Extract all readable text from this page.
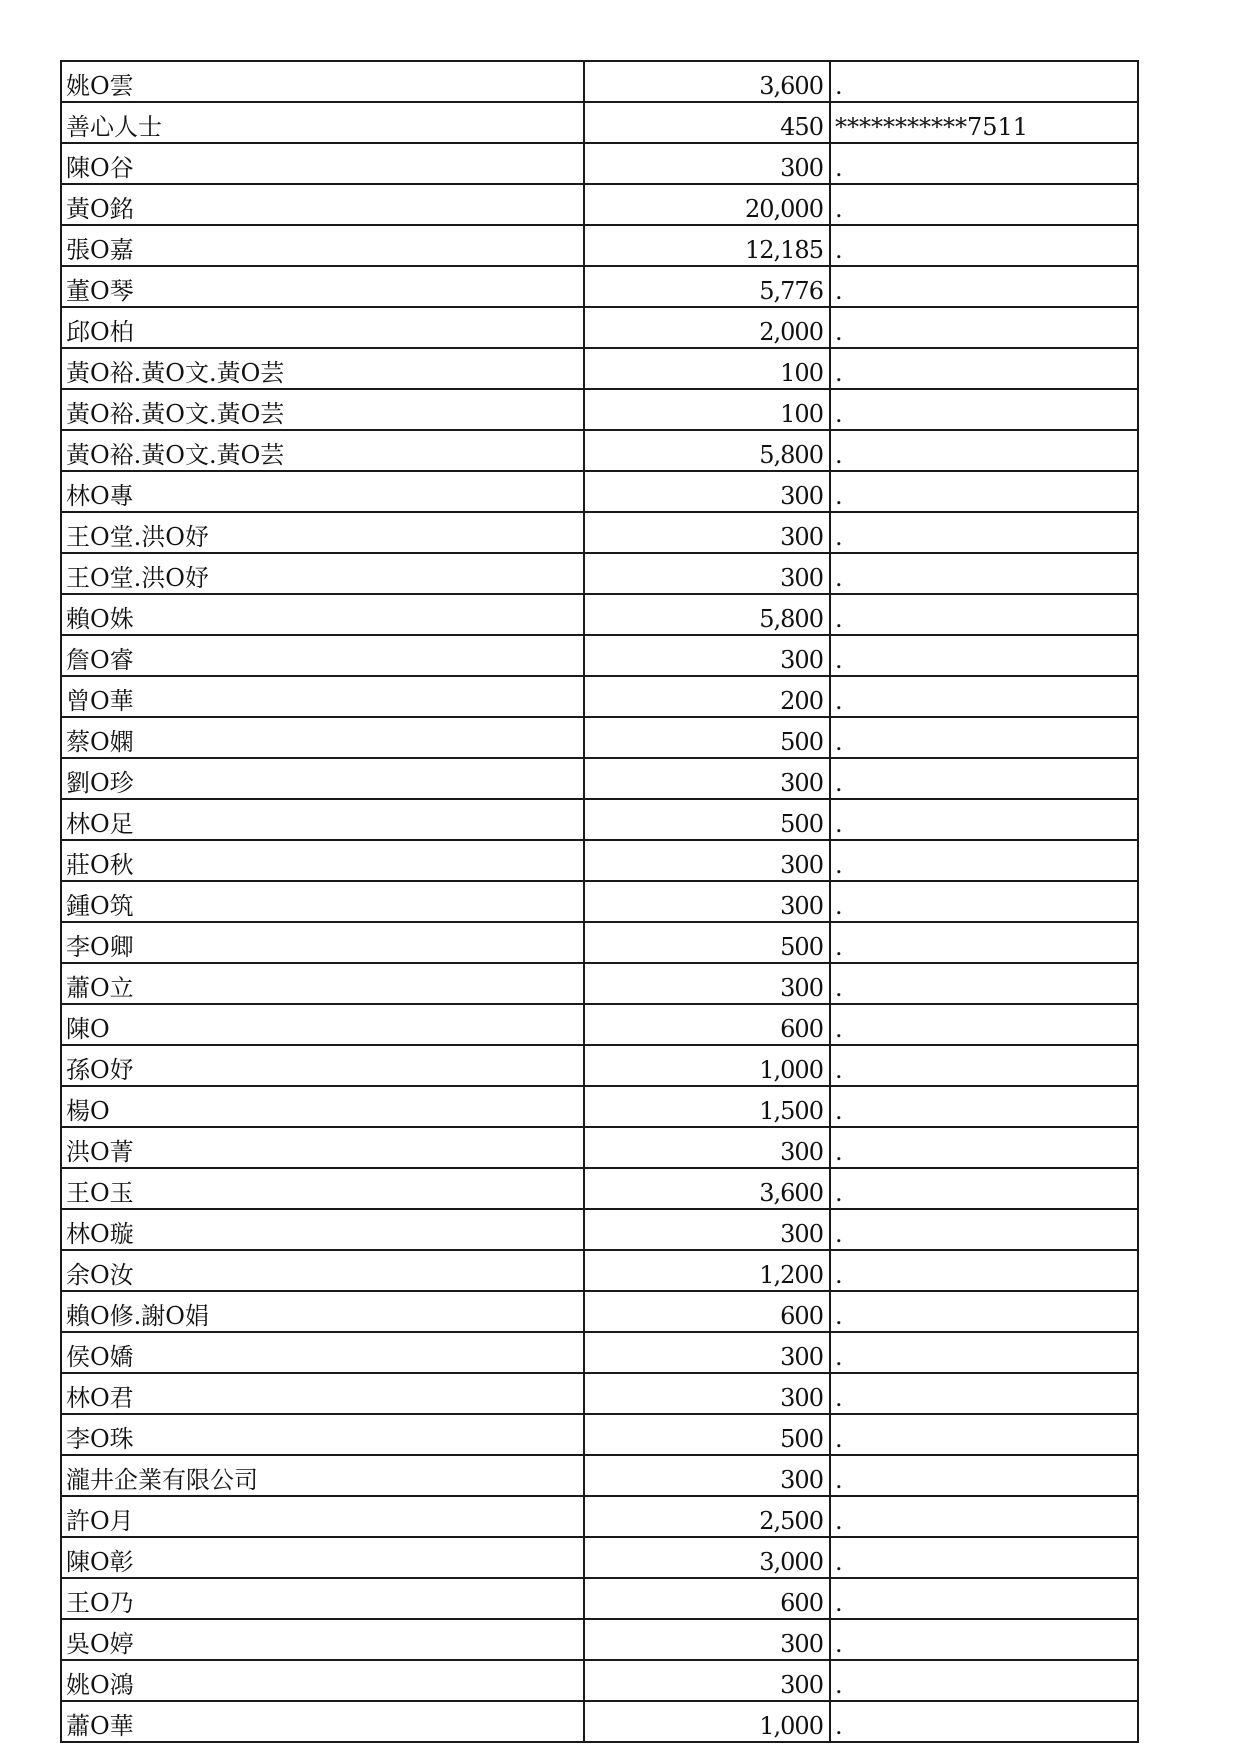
姚O雲	3,600	.
善心人士	450	***********7511
陳O谷	300	.
黃O銘	20,000	.
張O嘉	12,185	.
董O琴	5,776	.
邱O柏	2,000	.
黃O裕.黃O文.黃O芸	100	.
黃O裕.黃O文.黃O芸	100	.
黃O裕.黃O文.黃O芸	5,800	.
林O專	300	.
王O堂.洪O妤	300	.
王O堂.洪O妤	300	.
賴O姝	5,800	.
詹O睿	300	.
曾O華	200	.
蔡O嫻	500	.
劉O珍	300	.
林O足	500	.
莊O秋	300	.
鍾O筑	300	.
李O卿	500	.
蕭O立	300	.
陳O	600	.
孫O妤	1,000	.
楊O	1,500	.
洪O菁	300	.
王O玉	3,600	.
林O璇	300	.
余O汝	1,200	.
賴O修.謝O娟	600	.
侯O嬌	300	.
林O君	300	.
李O珠	500	.
瀧井企業有限公司	300	.
許O月	2,500	.
陳O彰	3,000	.
王O乃	600	.
吳O婷	300	.
姚O鴻	300	.
蕭O華	1,000	.
